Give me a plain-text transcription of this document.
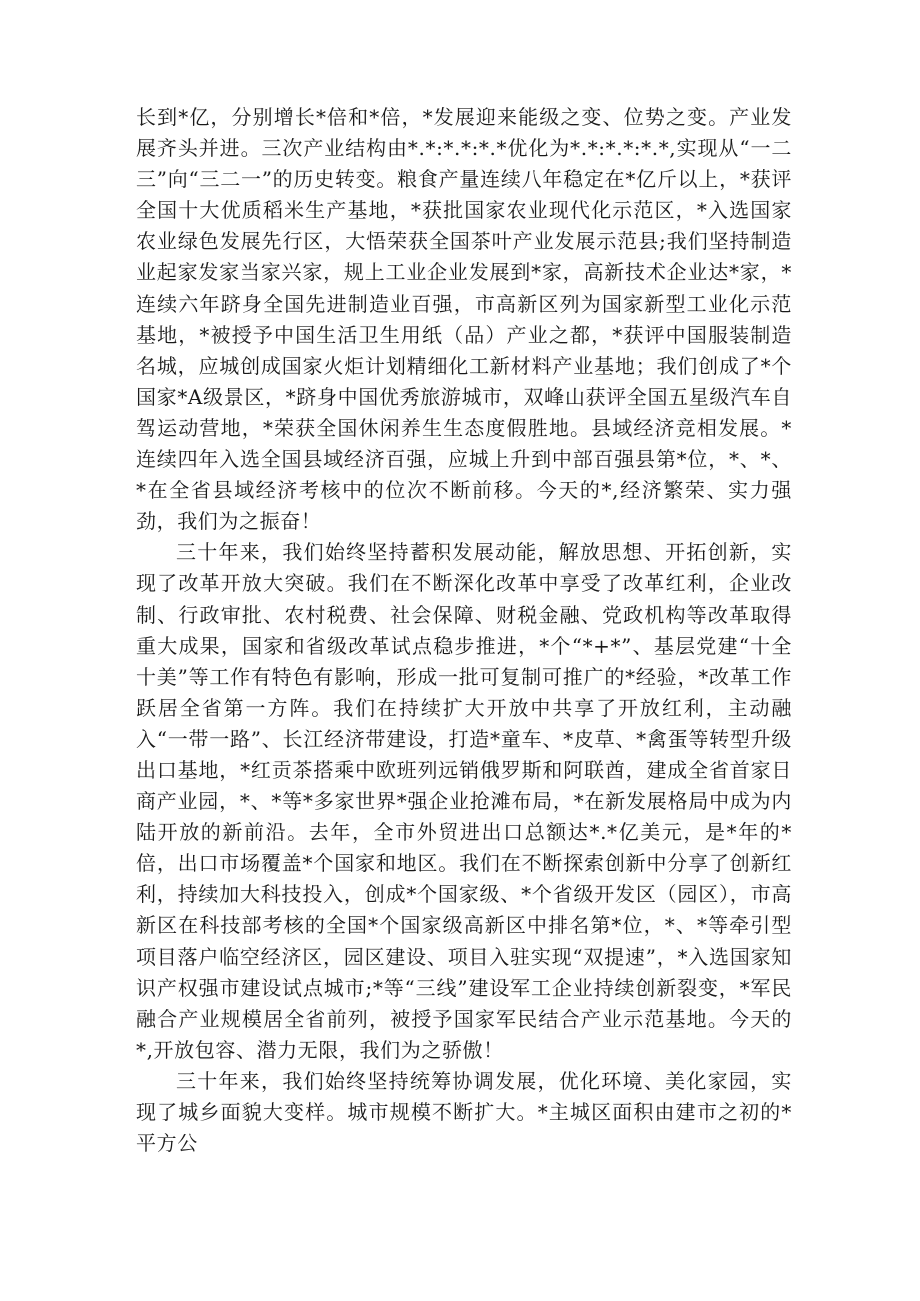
长到*亿，分别增长*倍和*倍，*发展迎来能级之变、位势之变。产业发展齐头并进。三次产业结构由*.*:*.*:*.*优化为*.*:*.*:*.*,实现从“一二三”向“三二一”的历史转变。粮食产量连续八年稳定在*亿斤以上，*获评全国十大优质稻米生产基地，*获批国家农业现代化示范区，*入选国家农业绿色发展先行区，大悟荣获全国茶叶产业发展示范县;我们坚持制造业起家发家当家兴家，规上工业企业发展到*家，高新技术企业达*家，*连续六年跻身全国先进制造业百强，市高新区列为国家新型工业化示范基地，*被授予中国生活卫生用纸（品）产业之都，*获评中国服装制造名城，应城创成国家火炬计划精细化工新材料产业基地；我们创成了*个国家*A级景区，*跻身中国优秀旅游城市，双峰山获评全国五星级汽车自驾运动营地，*荣获全国休闲养生生态度假胜地。县域经济竞相发展。*连续四年入选全国县域经济百强，应城上升到中部百强县第*位，*、*、*在全省县域经济考核中的位次不断前移。今天的*,经济繁荣、实力强劲，我们为之振奋！

三十年来，我们始终坚持蓄积发展动能，解放思想、开拓创新，实现了改革开放大突破。我们在不断深化改革中享受了改革红利，企业改制、行政审批、农村税费、社会保障、财税金融、党政机构等改革取得重大成果，国家和省级改革试点稳步推进，*个“*+*”、基层党建“十全十美”等工作有特色有影响，形成一批可复制可推广的*经验，*改革工作跃居全省第一方阵。我们在持续扩大开放中共享了开放红利，主动融入“一带一路”、长江经济带建设，打造*童车、*皮草、*禽蛋等转型升级出口基地，*红贡茶搭乘中欧班列远销俄罗斯和阿联酋，建成全省首家日商产业园，*、*等*多家世界*强企业抢滩布局，*在新发展格局中成为内陆开放的新前沿。去年，全市外贸进出口总额达*.*亿美元，是*年的*倍，出口市场覆盖*个国家和地区。我们在不断探索创新中分享了创新红利，持续加大科技投入，创成*个国家级、*个省级开发区（园区），市高新区在科技部考核的全国*个国家级高新区中排名第*位，*、*等牵引型项目落户临空经济区，园区建设、项目入驻实现“双提速”，*入选国家知识产权强市建设试点城市;*等“三线”建设军工企业持续创新裂变，*军民融合产业规模居全省前列，被授予国家军民结合产业示范基地。今天的*,开放包容、潜力无限，我们为之骄傲！

三十年来，我们始终坚持统筹协调发展，优化环境、美化家园，实现了城乡面貌大变样。城市规模不断扩大。*主城区面积由建市之初的*平方公
